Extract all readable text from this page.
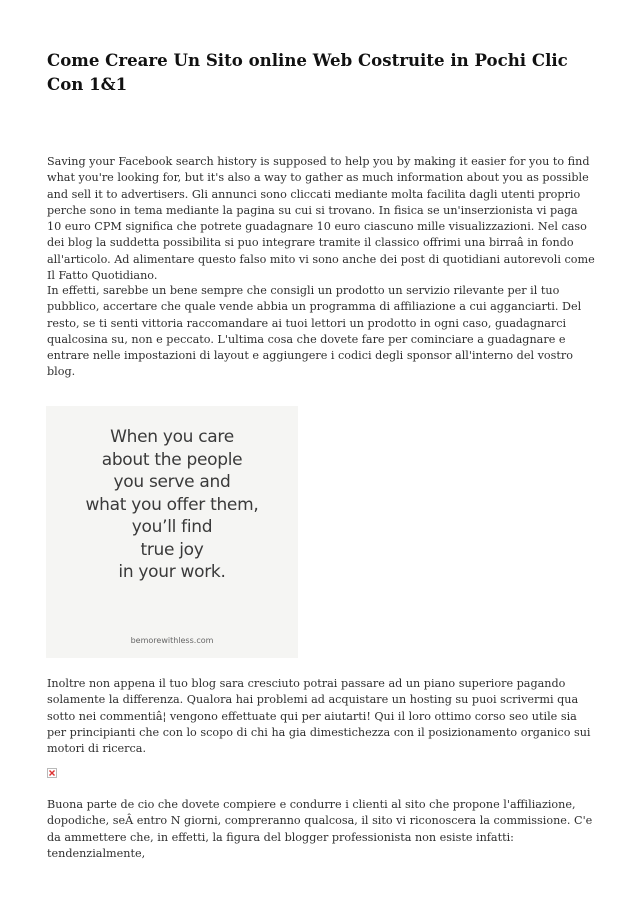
Come Creare Un Sito online Web Costruite in Pochi Clic Con 1&1

Saving your Facebook search history is supposed to help you by making it easier for you to find what you're looking for, but it's also a way to gather as much information about you as possible and sell it to advertisers. Gli annunci sono cliccati mediante molta facilita dagli utenti proprio perche sono in tema mediante la pagina su cui si trovano. In fisica se un'inserzionista vi paga 10 euro CPM significa che potrete guadagnare 10 euro ciascuno mille visualizzazioni. Nel caso dei blog la suddetta possibilita si puo integrare tramite il classico offrimi una birraâ in fondo all'articolo. Ad alimentare questo falso mito vi sono anche dei post di quotidiani autorevoli come Il Fatto Quotidiano.

In effetti, sarebbe un bene sempre che consigli un prodotto un servizio rilevante per il tuo pubblico, accertare che quale vende abbia un programma di affiliazione a cui agganciarti. Del resto, se ti senti vittoria raccomandare ai tuoi lettori un prodotto in ogni caso, guadagnarci qualcosina su, non e peccato. L'ultima cosa che dovete fare per cominciare a guadagnare e entrare nelle impostazioni di layout e aggiungere i codici degli sponsor all'interno del vostro blog.

When you care
about the people
you serve and
what you offer them,
you’ll find
true joy
in your work.
bemorewithless.com

Inoltre non appena il tuo blog sara cresciuto potrai passare ad un piano superiore pagando solamente la differenza. Qualora hai problemi ad acquistare un hosting su puoi scrivermi qua sotto nei commentiâ¦ vengono effettuate qui per aiutarti! Qui il loro ottimo corso seo utile sia per principianti che con lo scopo di chi ha gia dimestichezza con il posizionamento organico sui motori di ricerca.

Buona parte de cio che dovete compiere e condurre i clienti al sito che propone l'affiliazione, dopodiche, seÂ entro N giorni, compreranno qualcosa, il sito vi riconoscera la commissione. C'e da ammettere che, in effetti, la figura del blogger professionista non esiste infatti: tendenzialmente,
